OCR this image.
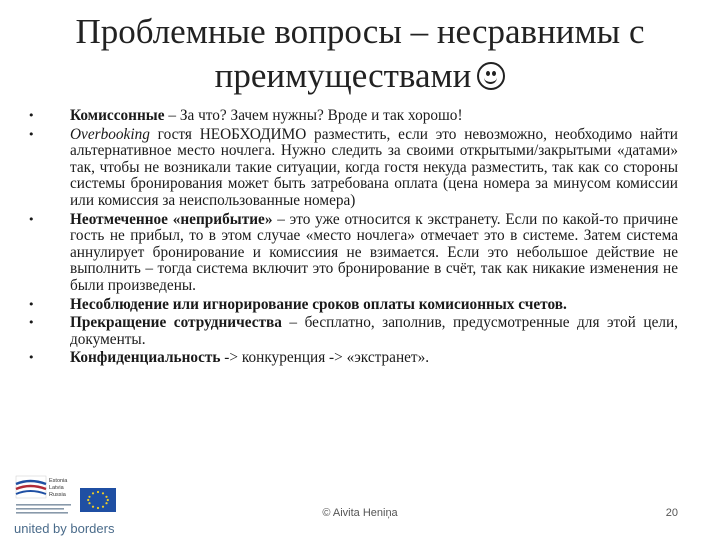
Проблемные вопросы – несравнимы с
преимуществами

• Комиссонные – За что? Зачем нужны? Вроде и так хорошо!

• Overbooking гостя НЕОБХОДИМО разместить, если это невозможно, необходимо найти альтернативное место ночлега. Нужно следить за своими открытыми/закрытыми «датами» так, чтобы не возникали такие ситуации, когда гостя некуда разместить, так как со стороны системы бронирования может быть затребована оплата (цена номера за минусом комиссии или комиссия за неиспользованные номера)

• Неотмеченное «неприбытие» – это уже относится к экстранету. Если по какой-то причине гость не прибыл, то в этом случае «место ночлега» отмечает это в системе. Затем система аннулирует бронирование и комиссиия не взимается. Если это небольшое действие не выполнить – тогда система включит это бронирование в счёт, так как никакие изменения не были произведены.

• Несоблюдение или игнорирование сроков оплаты комисионных счетов.

• Прекращение сотрудничества – бесплатно, заполнив, предусмотренные для этой цели, документы.

• Конфиденциальность -> конкуренция -> «экстранет».

Estonia
Latvia
Russia
united by borders
© Aivita Heniņa	20
